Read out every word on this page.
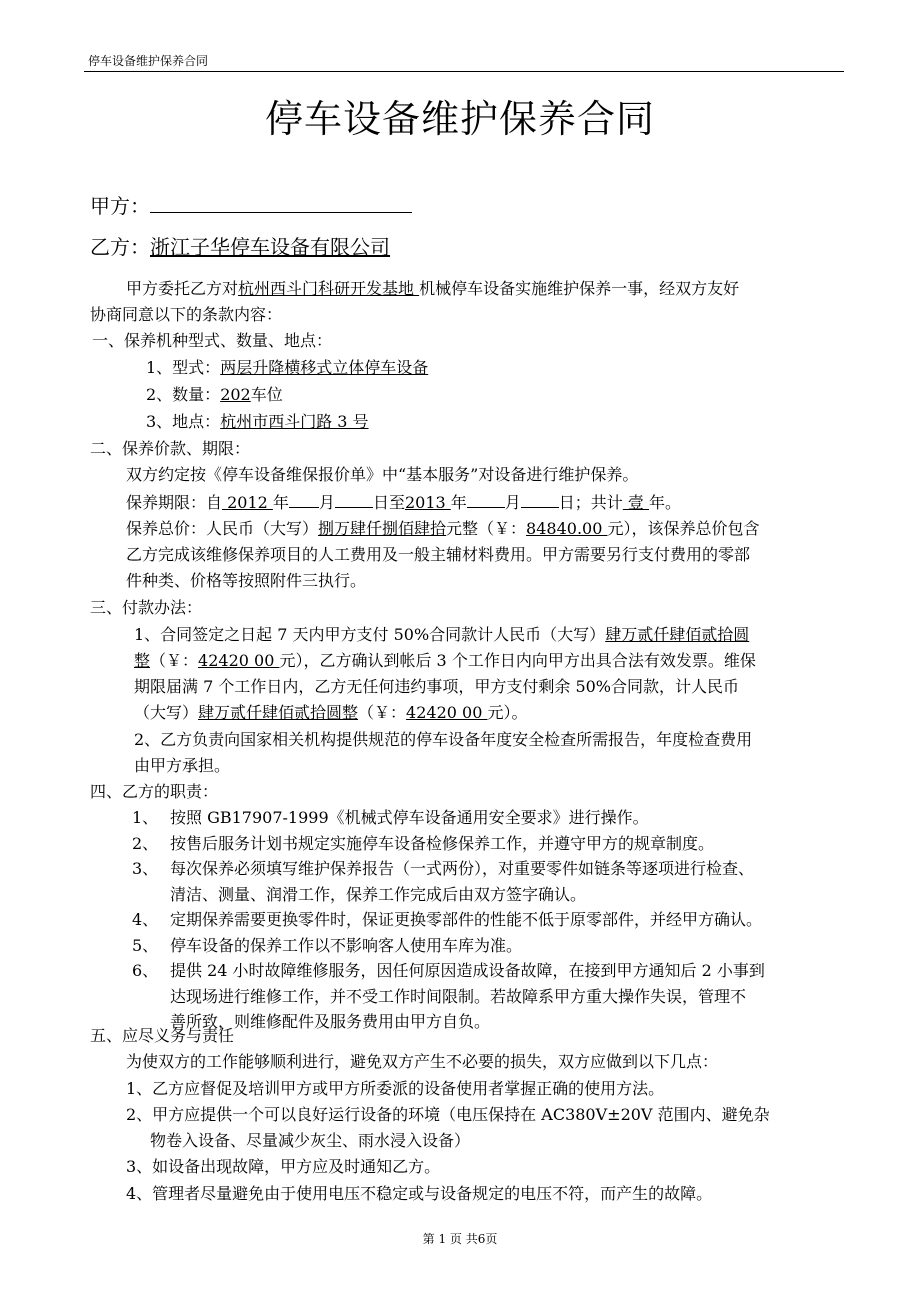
停车设备维护保养合同
停车设备维护保养合同
甲方：
乙方：浙江子华停车设备有限公司
甲方委托乙方对杭州西斗门科研开发基地 机械停车设备实施维护保养一事，经双方友好
协商同意以下的条款内容：
一、保养机种型式、数量、地点：
1、型式：两层升降横移式立体停车设备
2、数量：202车位
3、地点：杭州市西斗门路 3 号
二、保养价款、期限：
双方约定按《停车设备维保报价单》中“基本服务”对设备进行维护保养。
保养期限：自 2012 年 月 日至2013 年 月 日；共计 壹 年。
保养总价：人民币（大写）捌万肆仟捌佰肆拾元整（￥：84840.00 元），该保养总价包含
乙方完成该维修保养项目的人工费用及一般主辅材料费用。甲方需要另行支付费用的零部
件种类、价格等按照附件三执行。
三、付款办法：
1、合同签定之日起 7 天内甲方支付 50%合同款计人民币（大写）肆万贰仟肆佰贰拾圆
整（￥：42420 00 元），乙方确认到帐后 3 个工作日内向甲方出具合法有效发票。维保
期限届满 7 个工作日内，乙方无任何违约事项，甲方支付剩余 50%合同款，计人民币
（大写）肆万贰仟肆佰贰拾圆整（￥：42420 00 元）。
2、乙方负责向国家相关机构提供规范的停车设备年度安全检查所需报告，年度检查费用
由甲方承担。
四、乙方的职责：
1、 按照 GB17907-1999《机械式停车设备通用安全要求》进行操作。
2、 按售后服务计划书规定实施停车设备检修保养工作，并遵守甲方的规章制度。
3、 每次保养必须填写维护保养报告（一式两份），对重要零件如链条等逐项进行检查、
清洁、测量、润滑工作，保养工作完成后由双方签字确认。
4、 定期保养需要更换零件时，保证更换零部件的性能不低于原零部件，并经甲方确认。
5、 停车设备的保养工作以不影响客人使用车库为准。
6、 提供 24 小时故障维修服务，因任何原因造成设备故障，在接到甲方通知后 2 小事到
达现场进行维修工作，并不受工作时间限制。若故障系甲方重大操作失误，管理不
善所致，则维修配件及服务费用由甲方自负。
五、应尽义务与责任
为使双方的工作能够顺利进行，避免双方产生不必要的损失，双方应做到以下几点：
1、乙方应督促及培训甲方或甲方所委派的设备使用者掌握正确的使用方法。
2、甲方应提供一个可以良好运行设备的环境（电压保持在 AC380V±20V 范围内、避免杂
物卷入设备、尽量减少灰尘、雨水浸入设备）
3、如设备出现故障，甲方应及时通知乙方。
4、管理者尽量避免由于使用电压不稳定或与设备规定的电压不符，而产生的故障。
第 1 页 共6页
